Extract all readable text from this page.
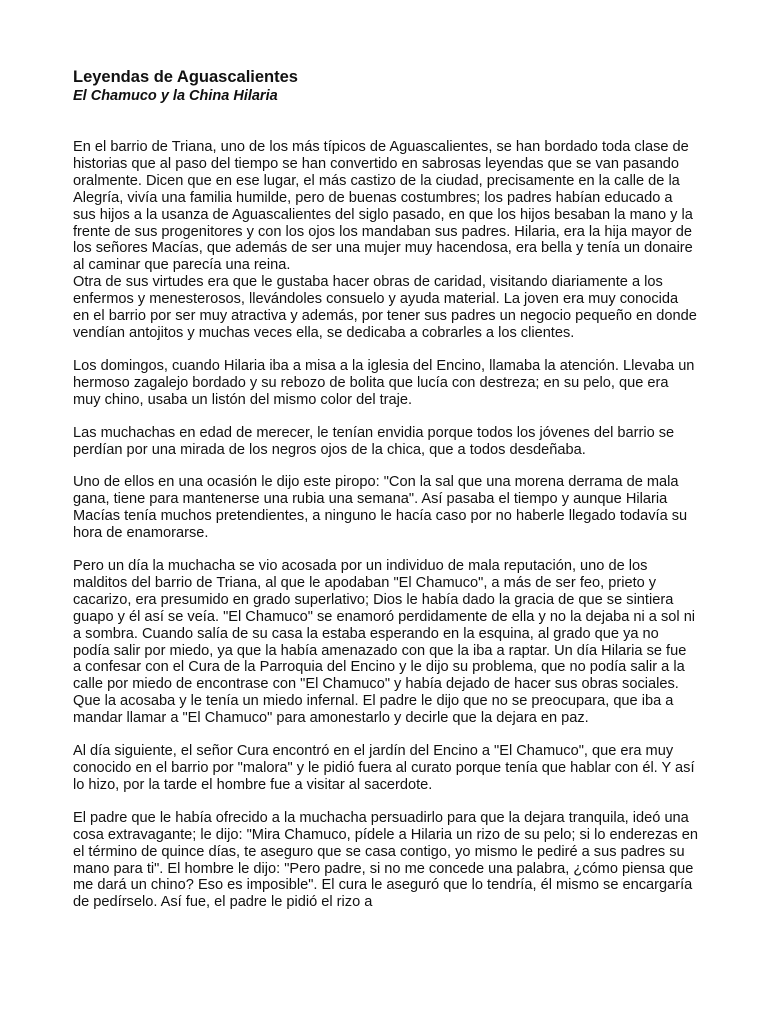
Leyendas de Aguascalientes
El Chamuco y la China Hilaria

En el barrio de Triana, uno de los más típicos de Aguascalientes, se han bordado toda clase de historias que al paso del tiempo se han convertido en sabrosas leyendas que se van pasando oralmente. Dicen que en ese lugar, el más castizo de la ciudad, precisamente en la calle de la Alegría, vivía una familia humilde, pero de buenas costumbres; los padres habían educado a sus hijos a la usanza de Aguascalientes del siglo pasado, en que los hijos besaban la mano y la frente de sus progenitores y con los ojos los mandaban sus padres. Hilaria, era la hija mayor de los señores Macías, que además de ser una mujer muy hacendosa, era bella y tenía un donaire al caminar que parecía una reina.

Otra de sus virtudes era que le gustaba hacer obras de caridad, visitando diariamente a los enfermos y menesterosos, llevándoles consuelo y ayuda material. La joven era muy conocida en el barrio por ser muy atractiva y además, por tener sus padres un negocio pequeño en donde vendían antojitos y muchas veces ella, se dedicaba a cobrarles a los clientes.

Los domingos, cuando Hilaria iba a misa a la iglesia del Encino, llamaba la atención. Llevaba un hermoso zagalejo bordado y su rebozo de bolita que lucía con destreza; en su pelo, que era muy chino, usaba un listón del mismo color del traje.

Las muchachas en edad de merecer, le tenían envidia porque todos los jóvenes del barrio se perdían por una mirada de los negros ojos de la chica, que a todos desdeñaba.

Uno de ellos en una ocasión le dijo este piropo: "Con la sal que una morena derrama de mala gana, tiene para mantenerse una rubia una semana". Así pasaba el tiempo y aunque Hilaria Macías tenía muchos pretendientes, a ninguno le hacía caso por no haberle llegado todavía su hora de enamorarse.

Pero un día la muchacha se vio acosada por un individuo de mala reputación, uno de los malditos del barrio de Triana, al que le apodaban "El Chamuco", a más de ser feo, prieto y cacarizo, era presumido en grado superlativo; Dios le había dado la gracia de que se sintiera guapo y él así se veía. "El Chamuco" se enamoró perdidamente de ella y no la dejaba ni a sol ni a sombra. Cuando salía de su casa la estaba esperando en la esquina, al grado que ya no podía salir por miedo, ya que la había amenazado con que la iba a raptar. Un día Hilaria se fue a confesar con el Cura de la Parroquia del Encino y le dijo su problema, que no podía salir a la calle por miedo de encontrase con "El Chamuco" y había dejado de hacer sus obras sociales. Que la acosaba y le tenía un miedo infernal. El padre le dijo que no se preocupara, que iba a mandar llamar a "El Chamuco" para amonestarlo y decirle que la dejara en paz.

Al día siguiente, el señor Cura encontró en el jardín del Encino a "El Chamuco", que era muy conocido en el barrio por "malora" y le pidió fuera al curato porque tenía que hablar con él. Y así lo hizo, por la tarde el hombre fue a visitar al sacerdote.

El padre que le había ofrecido a la muchacha persuadirlo para que la dejara tranquila, ideó una cosa extravagante; le dijo: "Mira Chamuco, pídele a Hilaria un rizo de su pelo; si lo enderezas en el término de quince días, te aseguro que se casa contigo, yo mismo le pediré a sus padres su mano para ti". El hombre le dijo: "Pero padre, si no me concede una palabra, ¿cómo piensa que me dará un chino? Eso es imposible". El cura le aseguró que lo tendría, él mismo se encargaría de pedírselo. Así fue, el padre le pidió el rizo a
